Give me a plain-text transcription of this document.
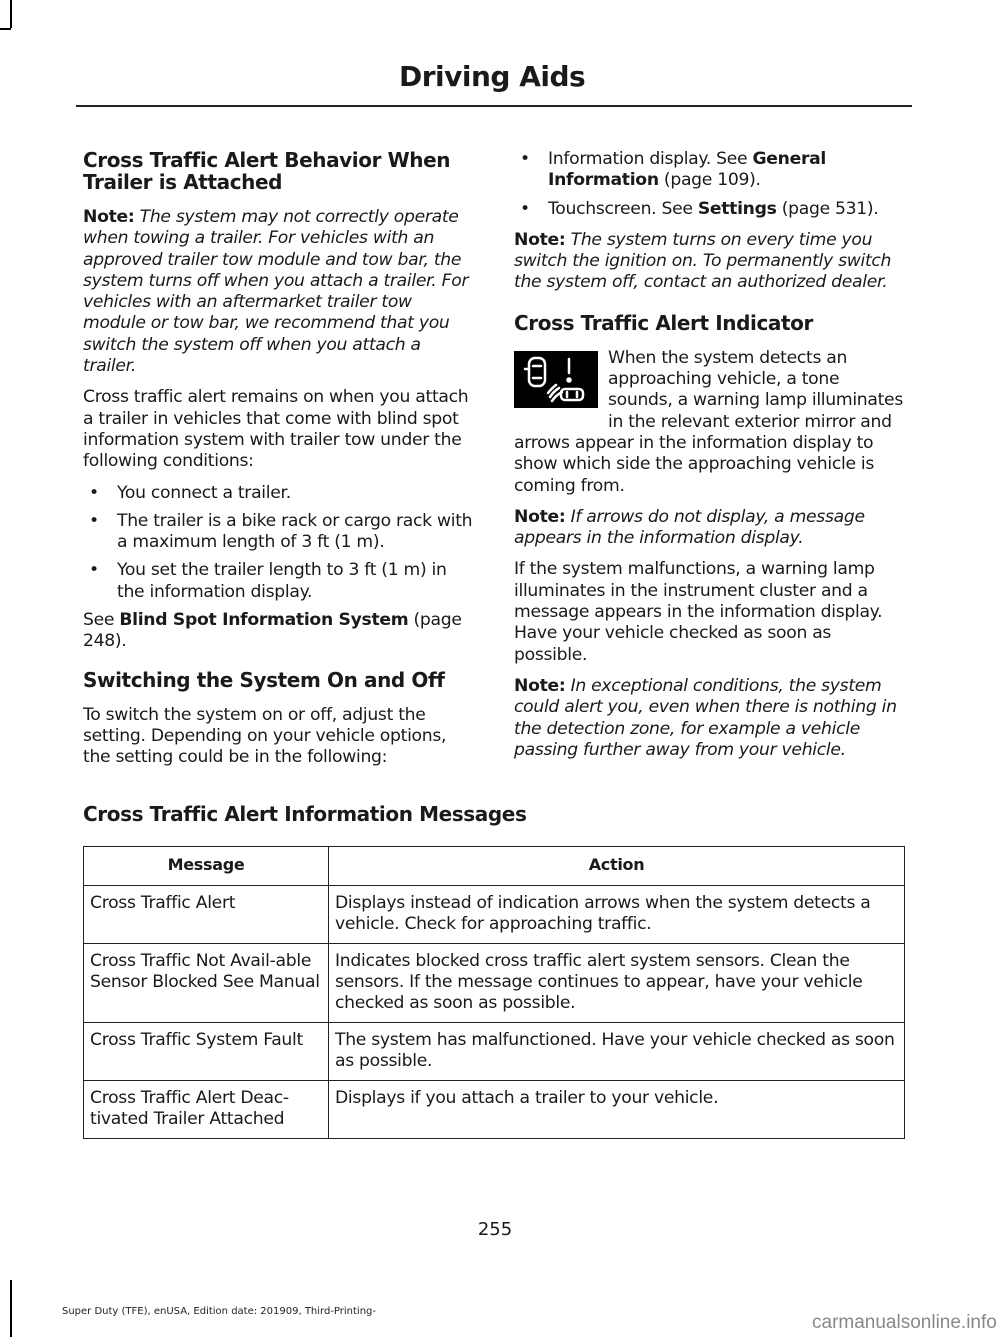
Driving Aids
Cross Traffic Alert Behavior When Trailer is Attached

Note: The system may not correctly operate when towing a trailer. For vehicles with an approved trailer tow module and tow bar, the system turns off when you attach a trailer. For vehicles with an aftermarket trailer tow module or tow bar, we recommend that you switch the system off when you attach a trailer.

Cross traffic alert remains on when you attach a trailer in vehicles that come with blind spot information system with trailer tow under the following conditions:

•	You connect a trailer.
•	The trailer is a bike rack or cargo rack with a maximum length of 3 ft (1 m).
•	You set the trailer length to 3 ft (1 m) in the information display.

See Blind Spot Information System (page 248).

Switching the System On and Off

To switch the system on or off, adjust the setting. Depending on your vehicle options, the setting could be in the following:

•	Information display. See General Information (page 109).
•	Touchscreen. See Settings (page 531).

Note: The system turns on every time you switch the ignition on. To permanently switch the system off, contact an authorized dealer.

Cross Traffic Alert Indicator

When the system detects an approaching vehicle, a tone sounds, a warning lamp illuminates in the relevant exterior mirror and arrows appear in the information display to show which side the approaching vehicle is coming from.

Note: If arrows do not display, a message appears in the information display.

If the system malfunctions, a warning lamp illuminates in the instrument cluster and a message appears in the information display. Have your vehicle checked as soon as possible.

Note: In exceptional conditions, the system could alert you, even when there is nothing in the detection zone, for example a vehicle passing further away from your vehicle.

Cross Traffic Alert Information Messages
Message	Action
Cross Traffic Alert	Displays instead of indication arrows when the system detects a vehicle. Check for approaching traffic.
Cross Traffic Not Avail-able Sensor Blocked See Manual	Indicates blocked cross traffic alert system sensors. Clean the sensors. If the message continues to appear, have your vehicle checked as soon as possible.
Cross Traffic System Fault	The system has malfunctioned. Have your vehicle checked as soon as possible.
Cross Traffic Alert Deac-tivated Trailer Attached	Displays if you attach a trailer to your vehicle.
255
Super Duty (TFE), enUSA, Edition date: 201909, Third-Printing-
carmanualsonline.info
